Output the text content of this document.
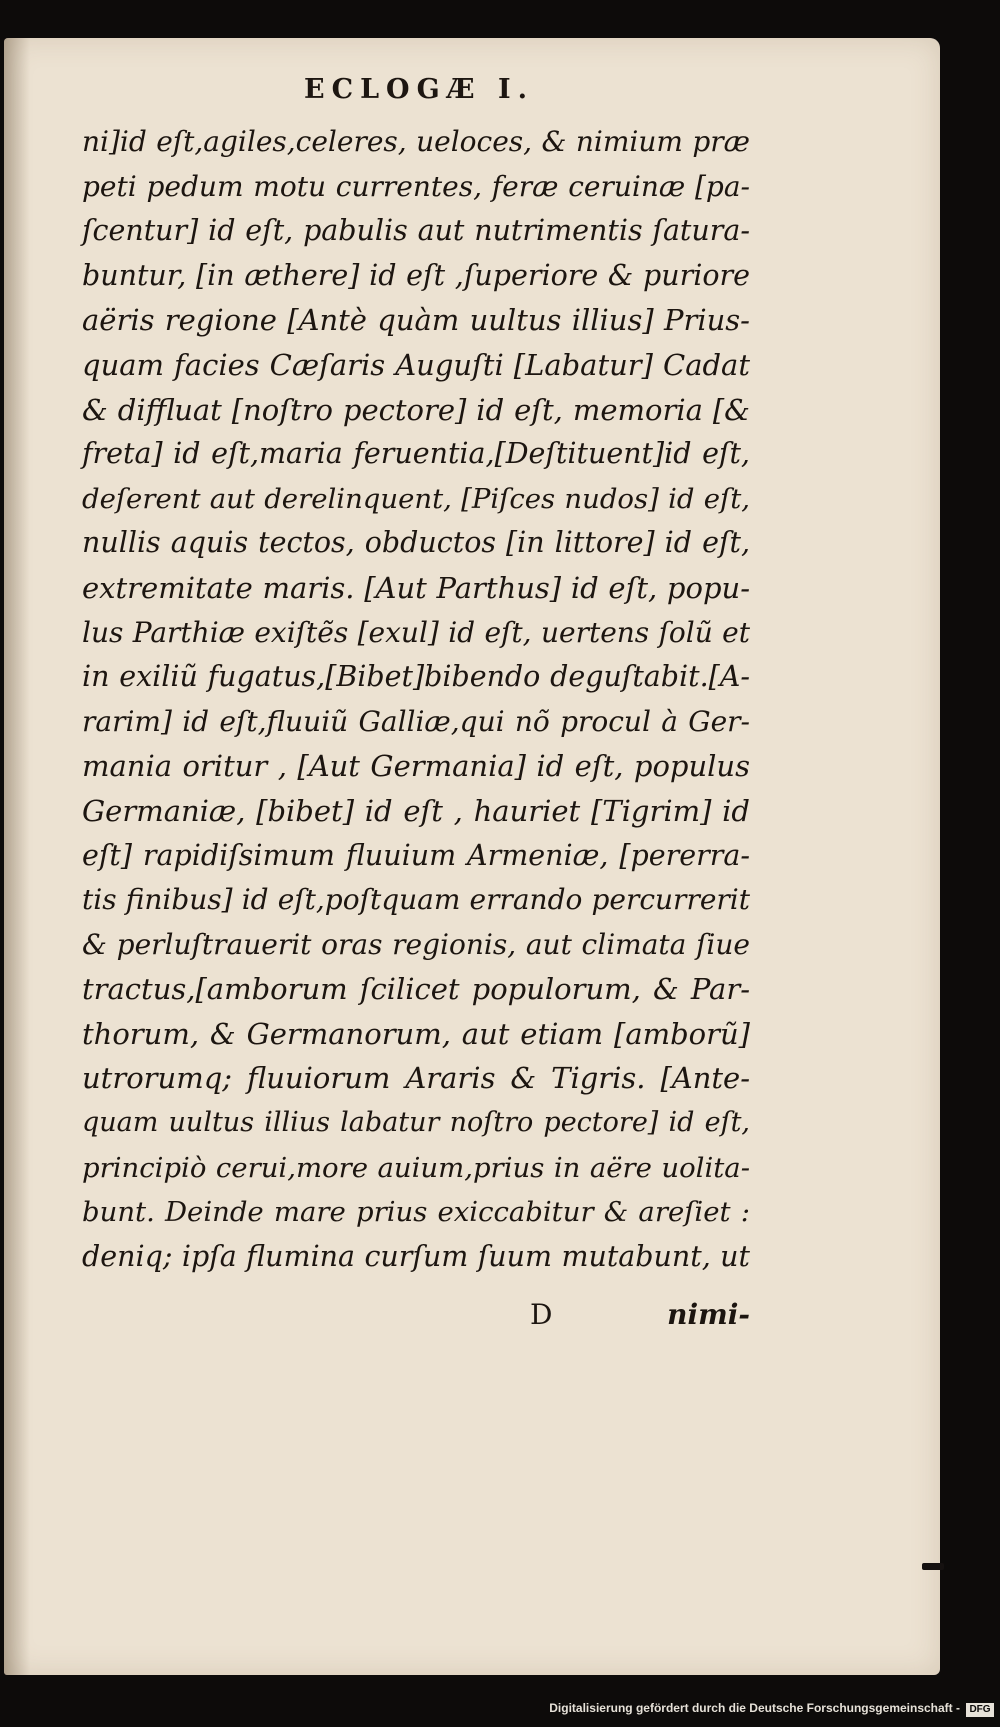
ECLOGÆ I.
ni]id eſt,agiles,celeres, ueloces, & nimium præ
peti pedum motu currentes, feræ ceruinæ [pa-
ſcentur] id eſt, pabulis aut nutrimentis ſatura-
buntur, [in æthere] id eſt ,ſuperiore & puriore
aëris regione [Antè quàm uultus illius] Prius-
quam facies Cæſaris Auguſti [Labatur] Cadat
& diffluat [noſtro pectore] id eſt, memoria [&
freta] id eſt,maria feruentia,[Deſtituent]id eſt,
deſerent aut derelinquent, [Piſces nudos] id eſt,
nullis aquis tectos, obductos [in littore] id eſt,
extremitate maris. [Aut Parthus] id eſt, popu-
lus Parthiæ exiſtẽs [exul] id eſt, uertens ſolũ et
in exiliũ fugatus,[Bibet]bibendo deguſtabit.[A-
rarim] id eſt,fluuiũ Galliæ,qui nõ procul à Ger-
mania oritur , [Aut Germania] id eſt, populus
Germaniæ, [bibet] id eſt , hauriet [Tigrim] id
eſt] rapidiſsimum fluuium Armeniæ, [pererra-
tis finibus] id eſt,poſtquam errando percurrerit
& perluſtrauerit oras regionis, aut climata ſiue
tractus,[amborum ſcilicet populorum, & Par-
thorum, & Germanorum, aut etiam [amborũ]
utrorumq; fluuiorum Araris & Tigris. [Ante-
quam uultus illius labatur noſtro pectore] id eſt,
principiò cerui,more auium,prius in aëre uolita-
bunt. Deinde mare prius exiccabitur & areſiet :
deniq; ipſa flumina curſum ſuum mutabunt, ut
D	nimi-
Digitalisierung gefördert durch die Deutsche Forschungsgemeinschaft - DFG
